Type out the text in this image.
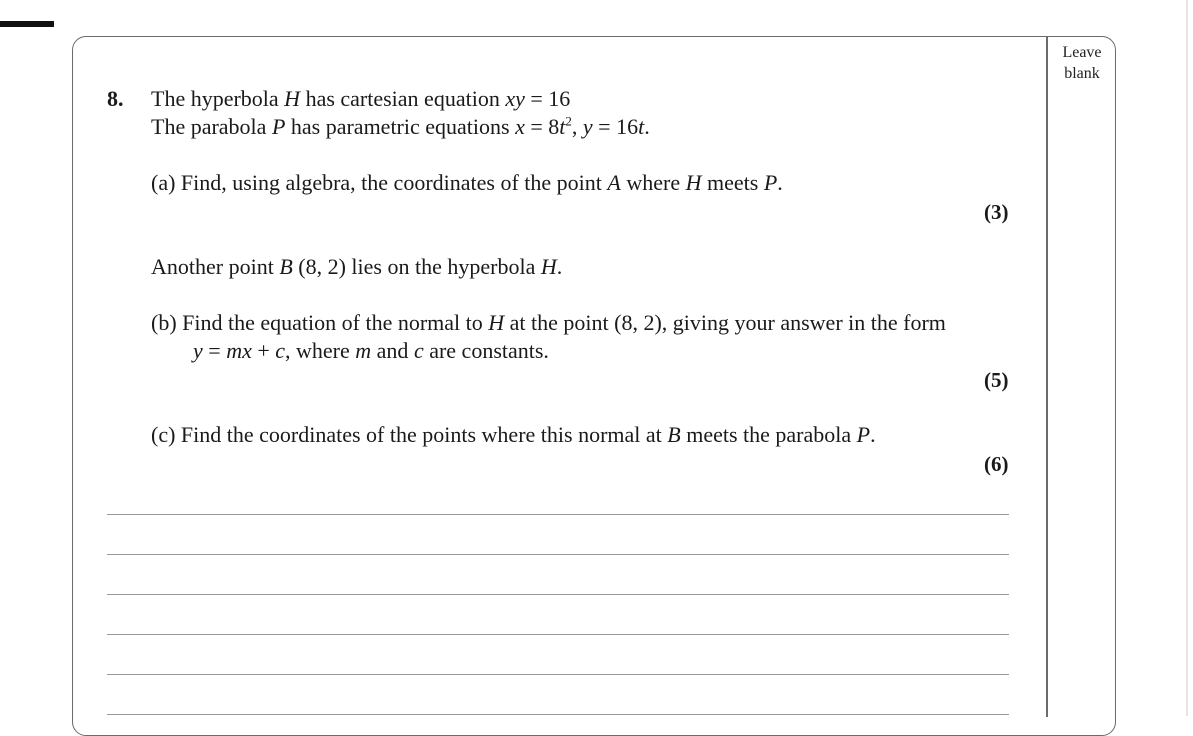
Leave
blank
8. The hyperbola H has cartesian equation xy = 16
The parabola P has parametric equations $x = 8t^2$, y = 16t.
(a) Find, using algebra, the coordinates of the point A where H meets P.
(3)
Another point B (8, 2) lies on the hyperbola H.
(b) Find the equation of the normal to H at the point (8, 2), giving your answer in the form
y = mx + c, where m and c are constants.
(5)
(c) Find the coordinates of the points where this normal at B meets the parabola P.
(6)
